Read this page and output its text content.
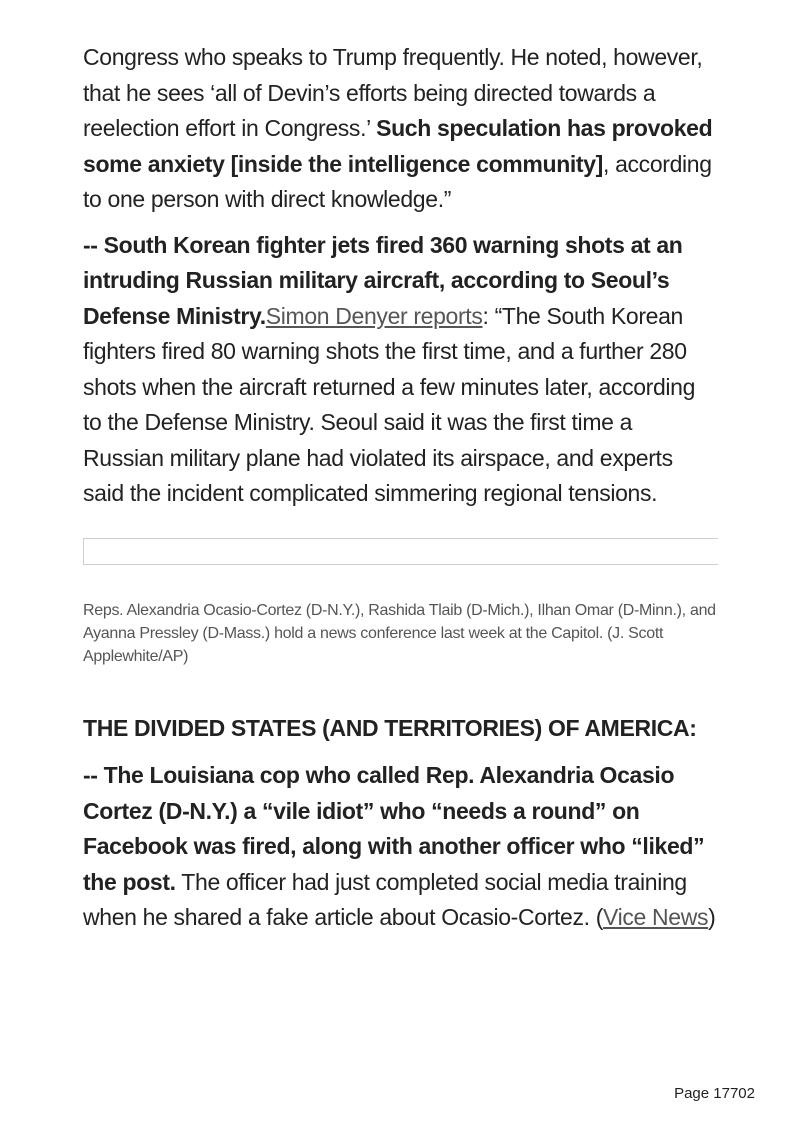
Congress who speaks to Trump frequently. He noted, however, that he sees ‘all of Devin’s efforts being directed towards a reelection effort in Congress.’ Such speculation has provoked some anxiety [inside the intelligence community], according to one person with direct knowledge.”

-- South Korean fighter jets fired 360 warning shots at an intruding Russian military aircraft, according to Seoul’s Defense Ministry.Simon Denyer reports: “The South Korean fighters fired 80 warning shots the first time, and a further 280 shots when the aircraft returned a few minutes later, according to the Defense Ministry. Seoul said it was the first time a Russian military plane had violated its airspace, and experts said the incident complicated simmering regional tensions.

Reps. Alexandria Ocasio-Cortez (D-N.Y.), Rashida Tlaib (D-Mich.), Ilhan Omar (D-Minn.), and Ayanna Pressley (D-Mass.) hold a news conference last week at the Capitol. (J. Scott Applewhite/AP)

THE DIVIDED STATES (AND TERRITORIES) OF AMERICA:

-- The Louisiana cop who called Rep. Alexandria Ocasio Cortez (D-N.Y.) a “vile idiot” who “needs a round” on Facebook was fired, along with another officer who “liked” the post. The officer had just completed social media training when he shared a fake article about Ocasio-Cortez. (Vice News)

Page 17702
